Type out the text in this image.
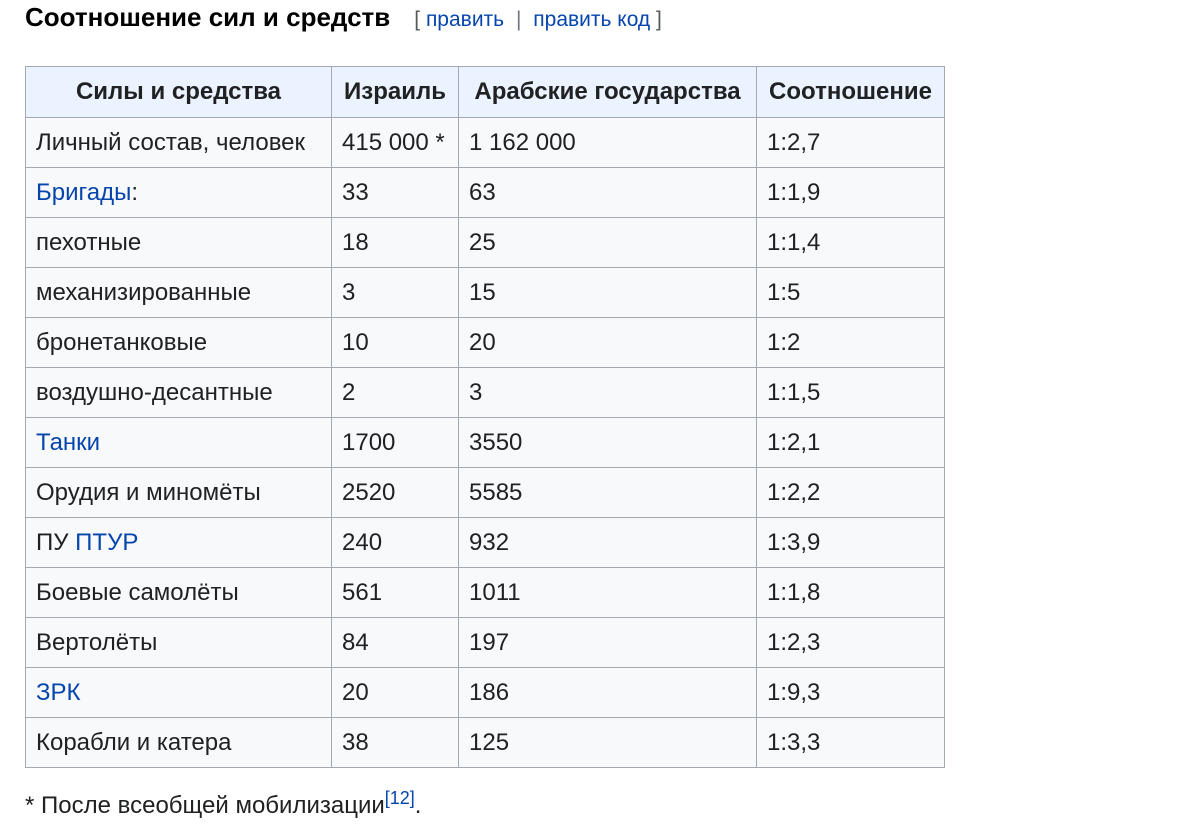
Соотношение сил и средств [ править | править код ]
Силы и средства	Израиль	Арабские государства	Соотношение
Личный состав, человек	415 000 *	1 162 000	1:2,7
Бригады:	33	63	1:1,9
пехотные	18	25	1:1,4
механизированные	3	15	1:5
бронетанковые	10	20	1:2
воздушно-десантные	2	3	1:1,5
Танки	1700	3550	1:2,1
Орудия и миномёты	2520	5585	1:2,2
ПУ ПТУР	240	932	1:3,9
Боевые самолёты	561	1011	1:1,8
Вертолёты	84	197	1:2,3
ЗРК	20	186	1:9,3
Корабли и катера	38	125	1:3,3
* После всеобщей мобилизации[12].
